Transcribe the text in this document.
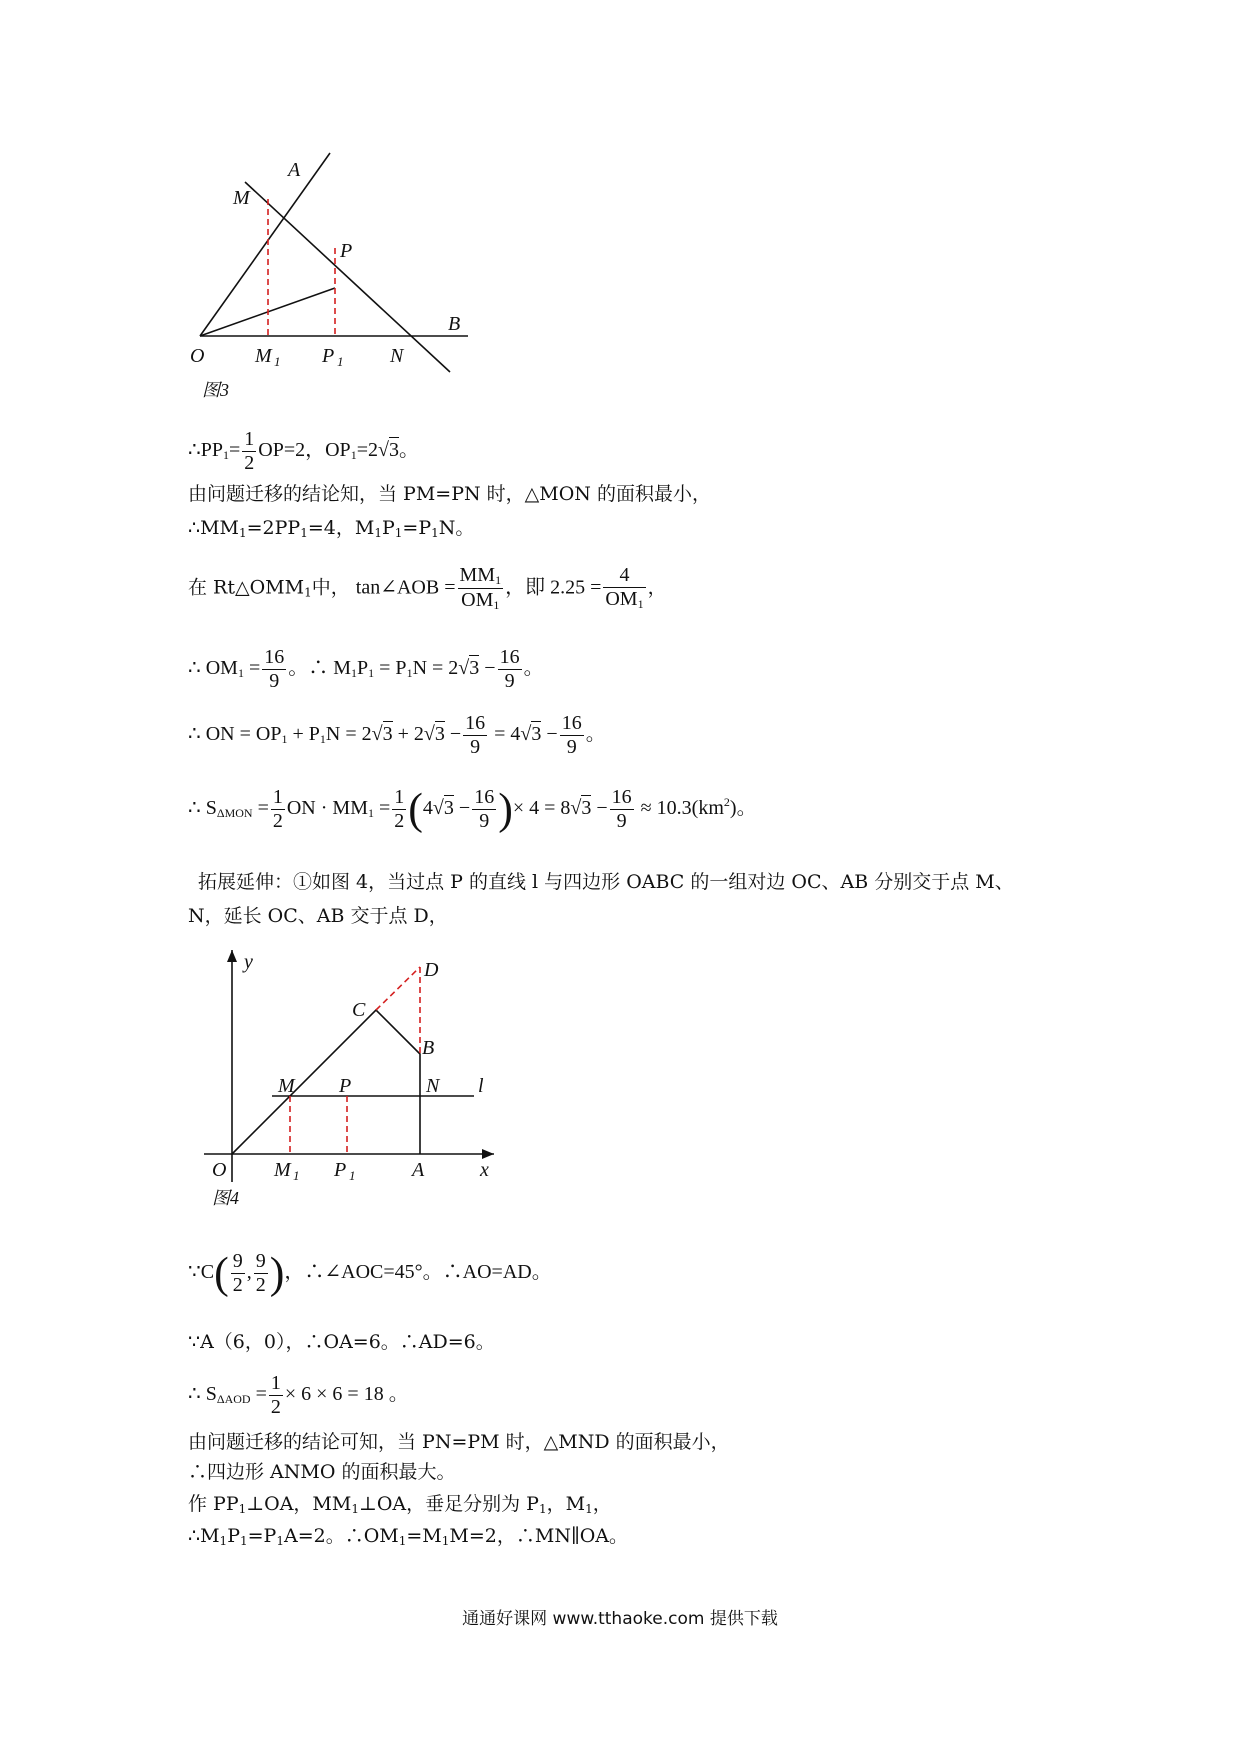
A
M
P
O	M 1 P 1 N
B
图3
$\therefore PP_1= \frac{1}{2} OP=2$，$OP_1=2√3$。
由问题迁移的结论知，当 PM=PN 时，△MON 的面积最小，
$\therefore MM_1=2PP_1=4$，$M_1P_1=P_1N$。
在 $Rt\triangle OMM_1$中， tan∠AOB = $\frac{MM_1}{OM_1}$ ，即 $2.25 = \frac{4}{OM_1}$ ，
∴ $OM_1 = \frac{16}{9}$ 。∴ $M_1P_1 = P_1N = 2√3 - \frac{16}{9}$ 。
∴ ON = $OP_1 + P_1N = 2√3 + 2√3 - \frac{16}{9} = 4√3 - \frac{16}{9}$ 。
∴ $S_{\Delta MON} = \frac{1}{2}$ ON · $MM_1 = \frac{1}{2} (4√3 - \frac{16}{9}$ )× $4 = 8√3 - \frac{16}{9} \approx 10.3(km^2)$。
拓展延伸：①如图 4，当过点 P 的直线 l 与四边形 OABC 的一组对边 OC、AB 分别交于点 M、
N，延长 OC、AB 交于点 D，
y	D
C
B
M P	N l
O M 1 P 1	A	x
图4
∵C( $\frac{9}{2}$ , $\frac{9}{2}$ )，∴∠AOC=45°。∴AO=AD。
∵A（6，0），∴OA=6。∴AD=6。
∴ $S_{\Delta AOD} = \frac{1}{2} \times 6 \times 6 = 18$ 。
由问题迁移的结论可知，当 PN=PM 时，△MND 的面积最小，
∴四边形 ANMO 的面积最大。
作 $PP_1\perp OA$，$MM_1\perp OA$，垂足分别为 $P_1$，$M_1$，
$\therefore M_1P_1=P_1A=2$。$\therefore OM_1=M_1M=2$，∴MN∥OA。
通通好课网 www.tthaoke.com 提供下载
